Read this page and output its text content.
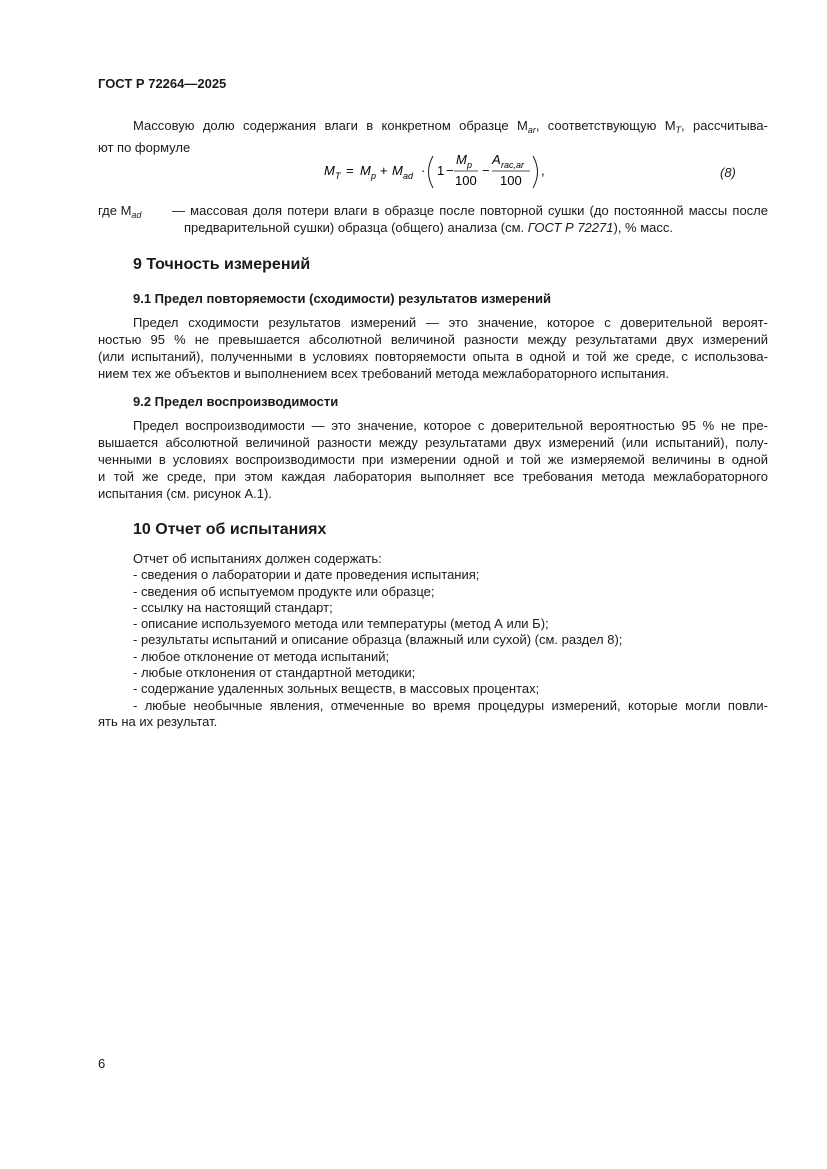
ГОСТ Р 72264—2025
Массовую долю содержания влаги в конкретном образце $M_{ar}$, соответствующую $M_T$, рассчитыва-
ют по формуле
M T = M p + M ad · 1 −
M p
100
−
A rac,ar
100
,	(8)
где $M_{ad}$ — массовая доля потери влаги в образце после повторной сушки (до постоянной массы после
предварительной сушки) образца (общего) анализа (см. ГОСТ Р 72271), % масс.
9 Точность измерений
9.1 Предел повторяемости (сходимости) результатов измерений
Предел сходимости результатов измерений — это значение, которое с доверительной вероят-
ностью 95 % не превышается абсолютной величиной разности между результатами двух измерений
(или испытаний), полученными в условиях повторяемости опыта в одной и той же среде, с использова-
нием тех же объектов и выполнением всех требований метода межлабораторного испытания.
9.2 Предел воспроизводимости
Предел воспроизводимости — это значение, которое с доверительной вероятностью 95 % не пре-
вышается абсолютной величиной разности между результатами двух измерений (или испытаний), полу-
ченными в условиях воспроизводимости при измерении одной и той же измеряемой величины в одной
и той же среде, при этом каждая лаборатория выполняет все требования метода межлабораторного
испытания (см. рисунок А.1).
10 Отчет об испытаниях
Отчет об испытаниях должен содержать:
- сведения о лаборатории и дате проведения испытания;
- сведения об испытуемом продукте или образце;
- ссылку на настоящий стандарт;
- описание используемого метода или температуры (метод А или Б);
- результаты испытаний и описание образца (влажный или сухой) (см. раздел 8);
- любое отклонение от метода испытаний;
- любые отклонения от стандартной методики;
- содержание удаленных зольных веществ, в массовых процентах;
- любые необычные явления, отмеченные во время процедуры измерений, которые могли повли-
ять на их результат.
6
